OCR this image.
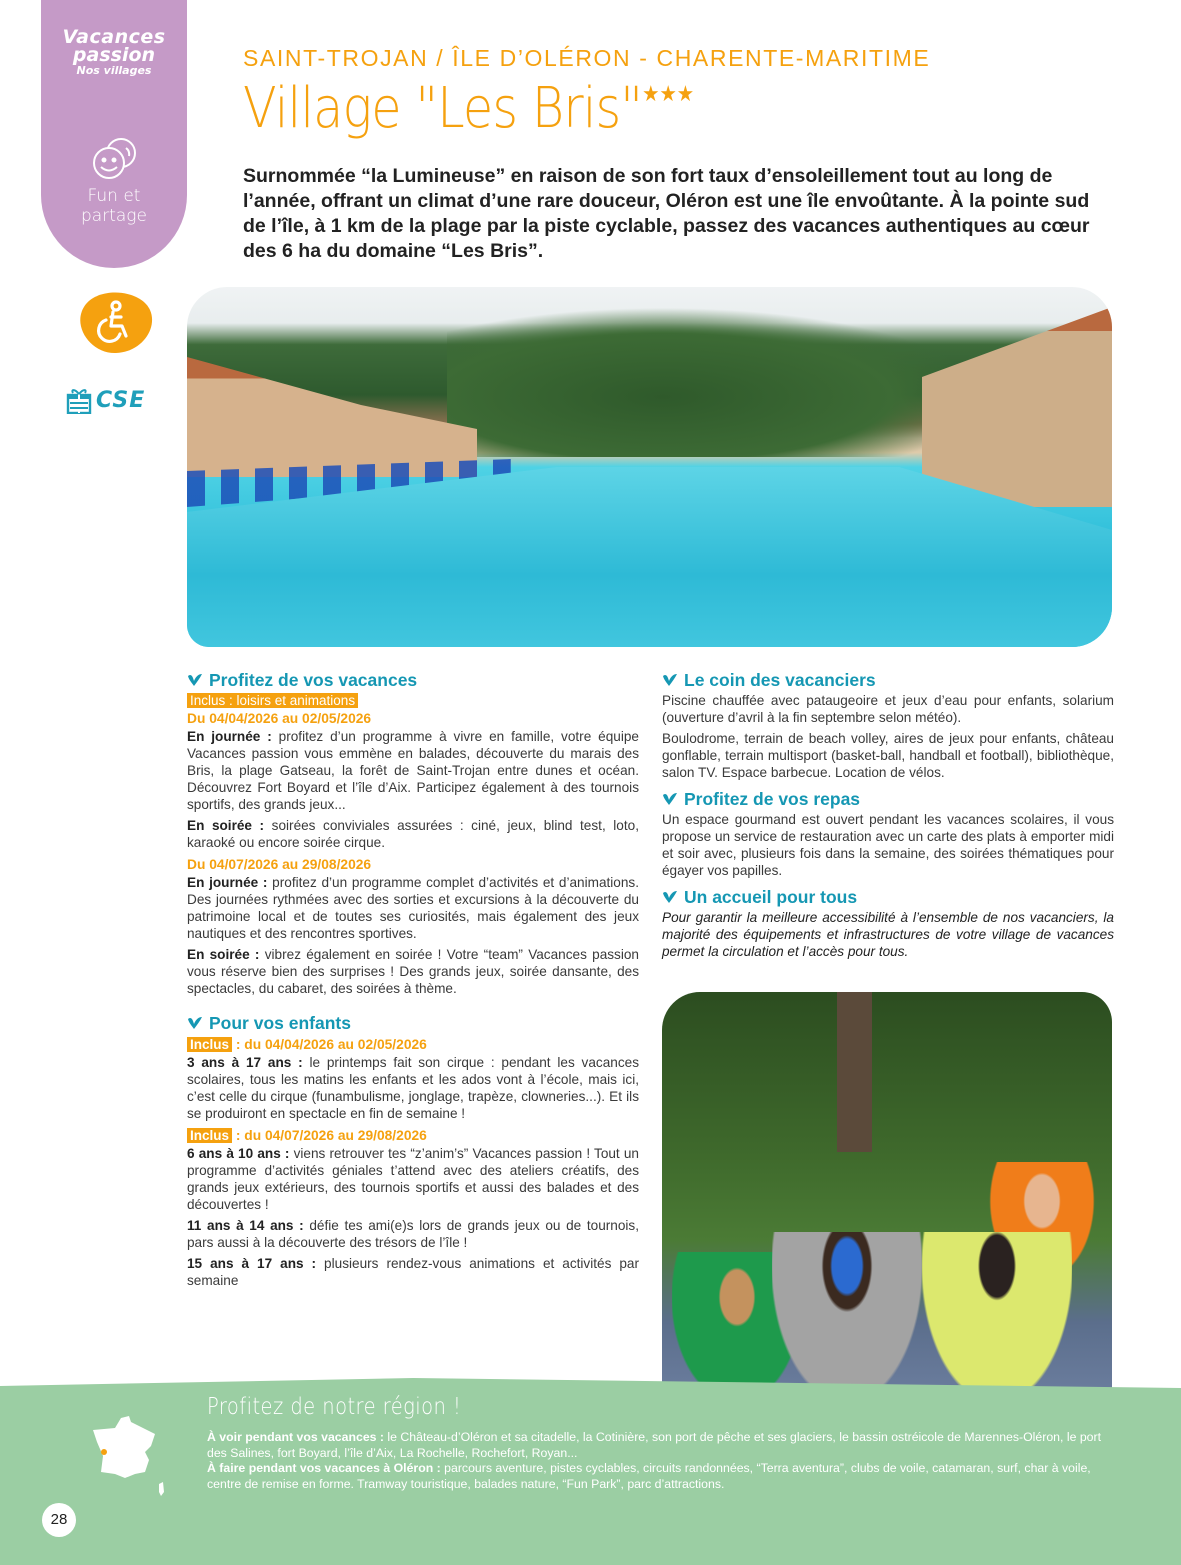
Vacances
passion
Nos villages
Fun et
partage
CSE
SAINT-TROJAN / ÎLE D’OLÉRON - CHARENTE-MARITIME
Village "Les Bris"★★★

Surnommée “la Lumineuse” en raison de son fort taux d’ensoleillement tout au long de l’année, offrant un climat d’une rare douceur, Oléron est une île envoûtante. À la pointe sud de l’île, à 1 km de la plage par la piste cyclable, passez des vacances authentiques au cœur des 6 ha du domaine “Les Bris”.

Profitez de vos vacances
Inclus : loisirs et animations
Du 04/04/2026 au 02/05/2026

En journée : profitez d’un programme à vivre en famille, votre équipe Vacances passion vous emmène en balades, découverte du marais des Bris, la plage Gatseau, la forêt de Saint-Trojan entre dunes et océan. Découvrez Fort Boyard et l’île d’Aix. Participez également à des tournois sportifs, des grands jeux...

En soirée : soirées conviviales assurées : ciné, jeux, blind test, loto, karaoké ou encore soirée cirque.

Du 04/07/2026 au 29/08/2026

En journée : profitez d’un programme complet d’activités et d’animations. Des journées rythmées avec des sorties et excursions à la découverte du patrimoine local et de toutes ses curiosités, mais également des jeux nautiques et des rencontres sportives.

En soirée : vibrez également en soirée ! Votre “team” Vacances passion vous réserve bien des surprises ! Des grands jeux, soirée dansante, des spectacles, du cabaret, des soirées à thème.

Pour vos enfants
Inclus : du 04/04/2026 au 02/05/2026

3 ans à 17 ans : le printemps fait son cirque : pendant les vacances scolaires, tous les matins les enfants et les ados vont à l’école, mais ici, c’est celle du cirque (funambulisme, jonglage, trapèze, clowneries...). Et ils se produiront en spectacle en fin de semaine !

Inclus : du 04/07/2026 au 29/08/2026

6 ans à 10 ans : viens retrouver tes “z’anim’s” Vacances passion ! Tout un programme d’activités géniales t’attend avec des ateliers créatifs, des grands jeux extérieurs, des tournois sportifs et aussi des balades et des découvertes !

11 ans à 14 ans : défie tes ami(e)s lors de grands jeux ou de tournois, pars aussi à la découverte des trésors de l’île !

15 ans à 17 ans : plusieurs rendez-vous animations et activités par semaine

Le coin des vacanciers

Piscine chauffée avec pataugeoire et jeux d’eau pour enfants, solarium (ouverture d’avril à la fin septembre selon météo).

Boulodrome, terrain de beach volley, aires de jeux pour enfants, château gonflable, terrain multisport (basket-ball, handball et football), bibliothèque, salon TV. Espace barbecue. Location de vélos.

Profitez de vos repas

Un espace gourmand est ouvert pendant les vacances scolaires, il vous propose un service de restauration avec un carte des plats à emporter midi et soir avec, plusieurs fois dans la semaine, des soirées thématiques pour égayer vos papilles.

Un accueil pour tous

Pour garantir la meilleure accessibilité à l’ensemble de nos vacanciers, la majorité des équipements et infrastructures de votre village de vacances permet la circulation et l’accès pour tous.

28
Profitez de notre région !
À voir pendant vos vacances : le Château-d’Oléron et sa citadelle, la Cotinière, son port de pêche et ses glaciers, le bassin ostréicole de Marennes-Oléron, le port des Salines, fort Boyard, l’île d’Aix, La Rochelle, Rochefort, Royan...
À faire pendant vos vacances à Oléron : parcours aventure, pistes cyclables, circuits randonnées, “Terra aventura”, clubs de voile, catamaran, surf, char à voile, centre de remise en forme. Tramway touristique, balades nature, “Fun Park”, parc d’attractions.
